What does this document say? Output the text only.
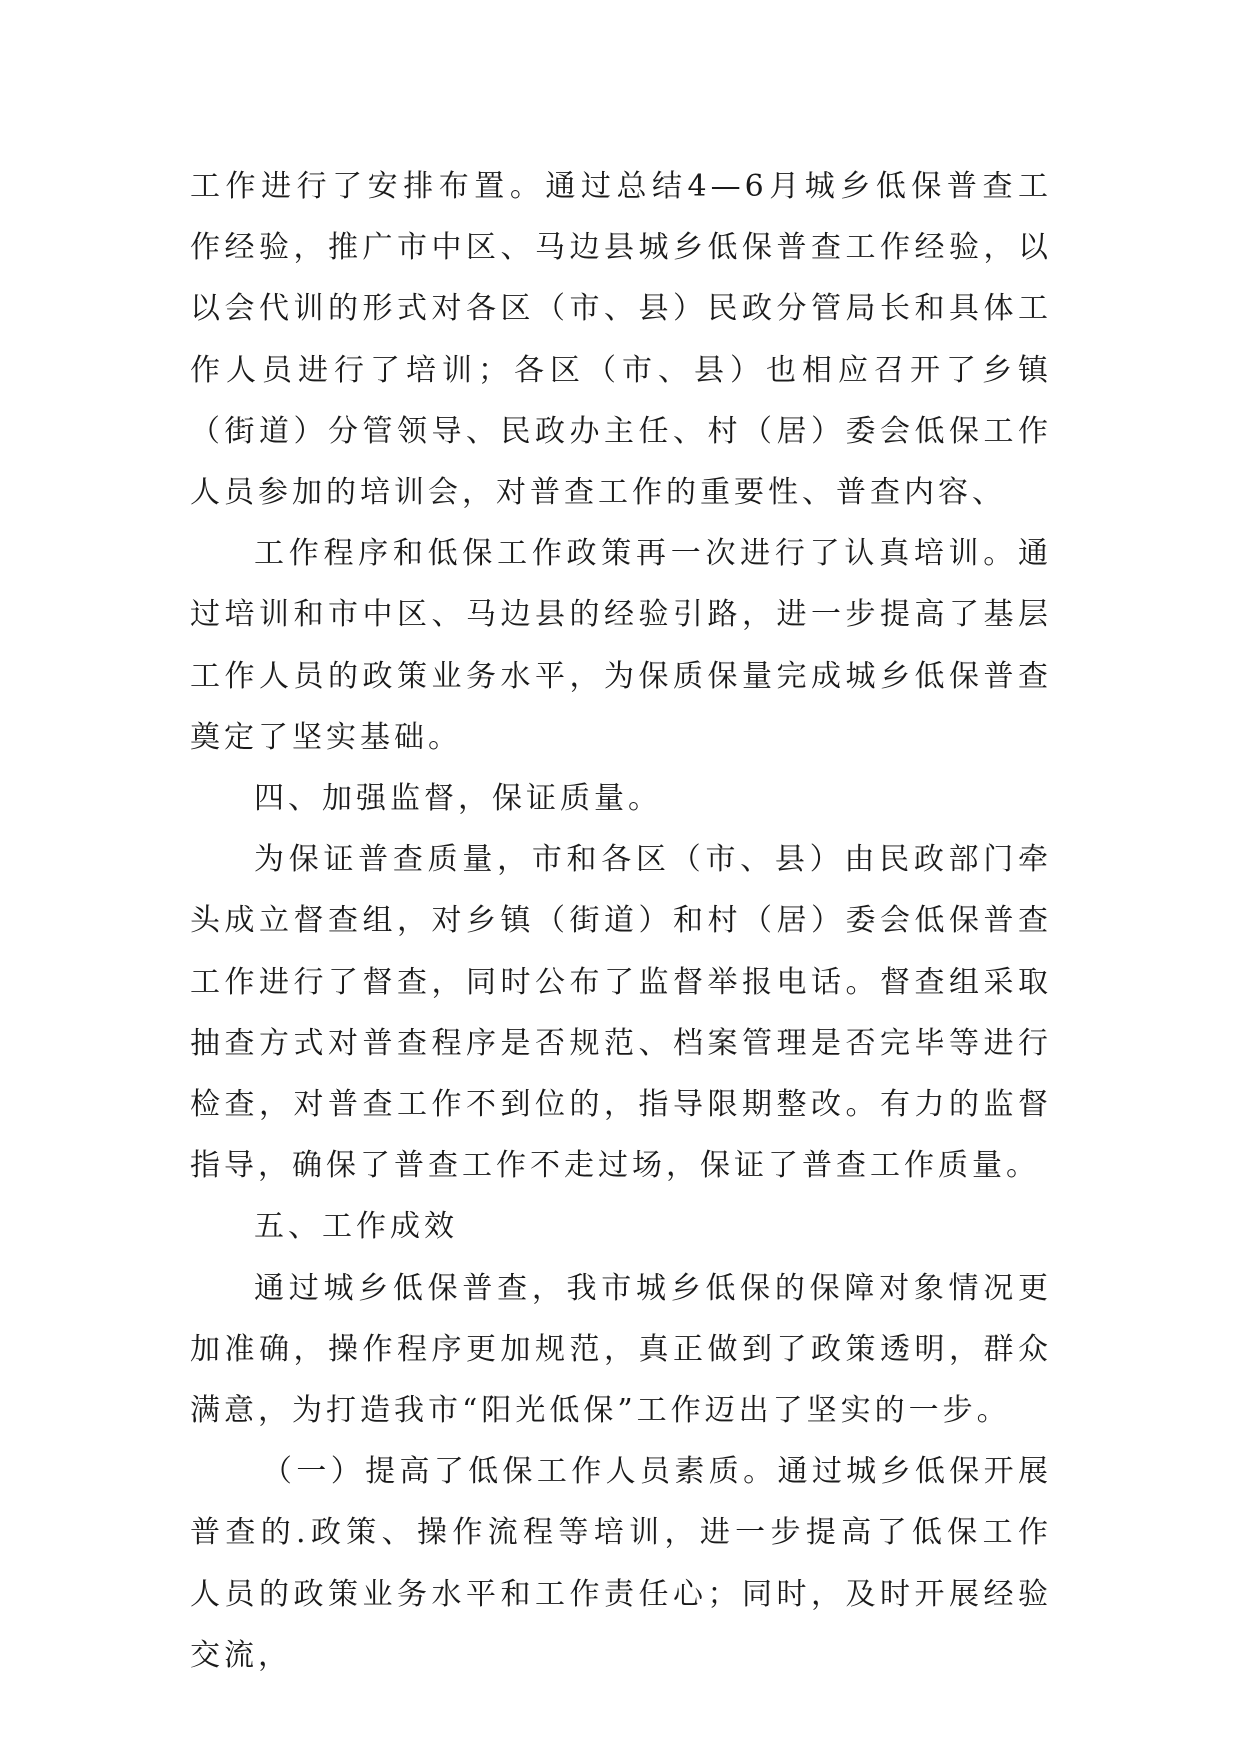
工作进行了安排布置。通过总结4—6月城乡低保普查工作经验，推广市中区、马边县城乡低保普查工作经验，以以会代训的形式对各区（市、县）民政分管局长和具体工作人员进行了培训；各区（市、县）也相应召开了乡镇（街道）分管领导、民政办主任、村（居）委会低保工作人员参加的培训会，对普查工作的重要性、普查内容、

工作程序和低保工作政策再一次进行了认真培训。通过培训和市中区、马边县的经验引路，进一步提高了基层工作人员的政策业务水平，为保质保量完成城乡低保普查奠定了坚实基础。

四、加强监督，保证质量。

为保证普查质量，市和各区（市、县）由民政部门牵头成立督查组，对乡镇（街道）和村（居）委会低保普查工作进行了督查，同时公布了监督举报电话。督查组采取抽查方式对普查程序是否规范、档案管理是否完毕等进行检查，对普查工作不到位的，指导限期整改。有力的监督指导，确保了普查工作不走过场，保证了普查工作质量。

五、工作成效

通过城乡低保普查，我市城乡低保的保障对象情况更加准确，操作程序更加规范，真正做到了政策透明，群众满意，为打造我市“阳光低保”工作迈出了坚实的一步。

（一）提高了低保工作人员素质。通过城乡低保开展普查的.政策、操作流程等培训，进一步提高了低保工作人员的政策业务水平和工作责任心；同时，及时开展经验交流，
